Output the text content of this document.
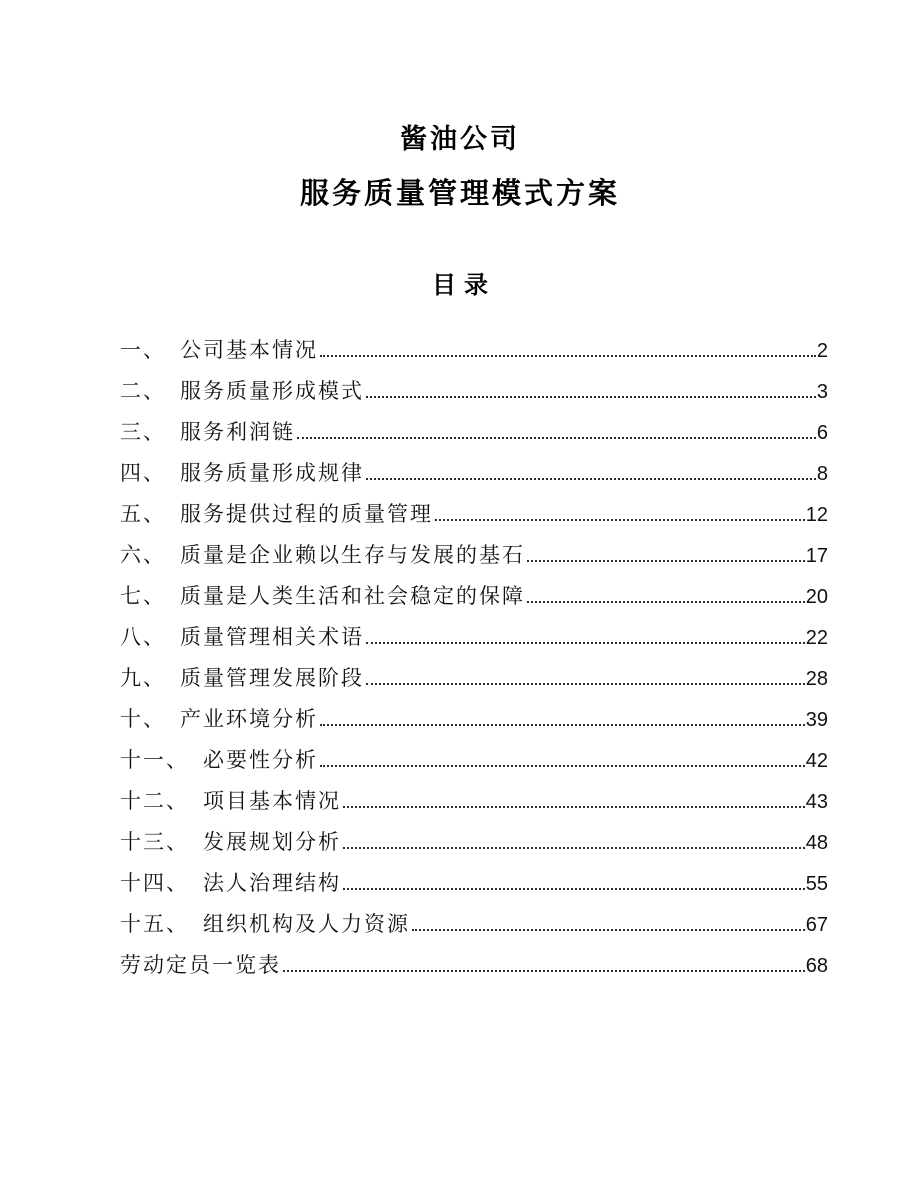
酱油公司
服务质量管理模式方案
目录
一、 公司基本情况	2
二、 服务质量形成模式	3
三、 服务利润链	6
四、 服务质量形成规律	8
五、 服务提供过程的质量管理	12
六、 质量是企业赖以生存与发展的基石	17
七、 质量是人类生活和社会稳定的保障	20
八、 质量管理相关术语	22
九、 质量管理发展阶段	28
十、 产业环境分析	39
十一、 必要性分析	42
十二、 项目基本情况	43
十三、 发展规划分析	48
十四、 法人治理结构	55
十五、 组织机构及人力资源	67
劳动定员一览表	68
